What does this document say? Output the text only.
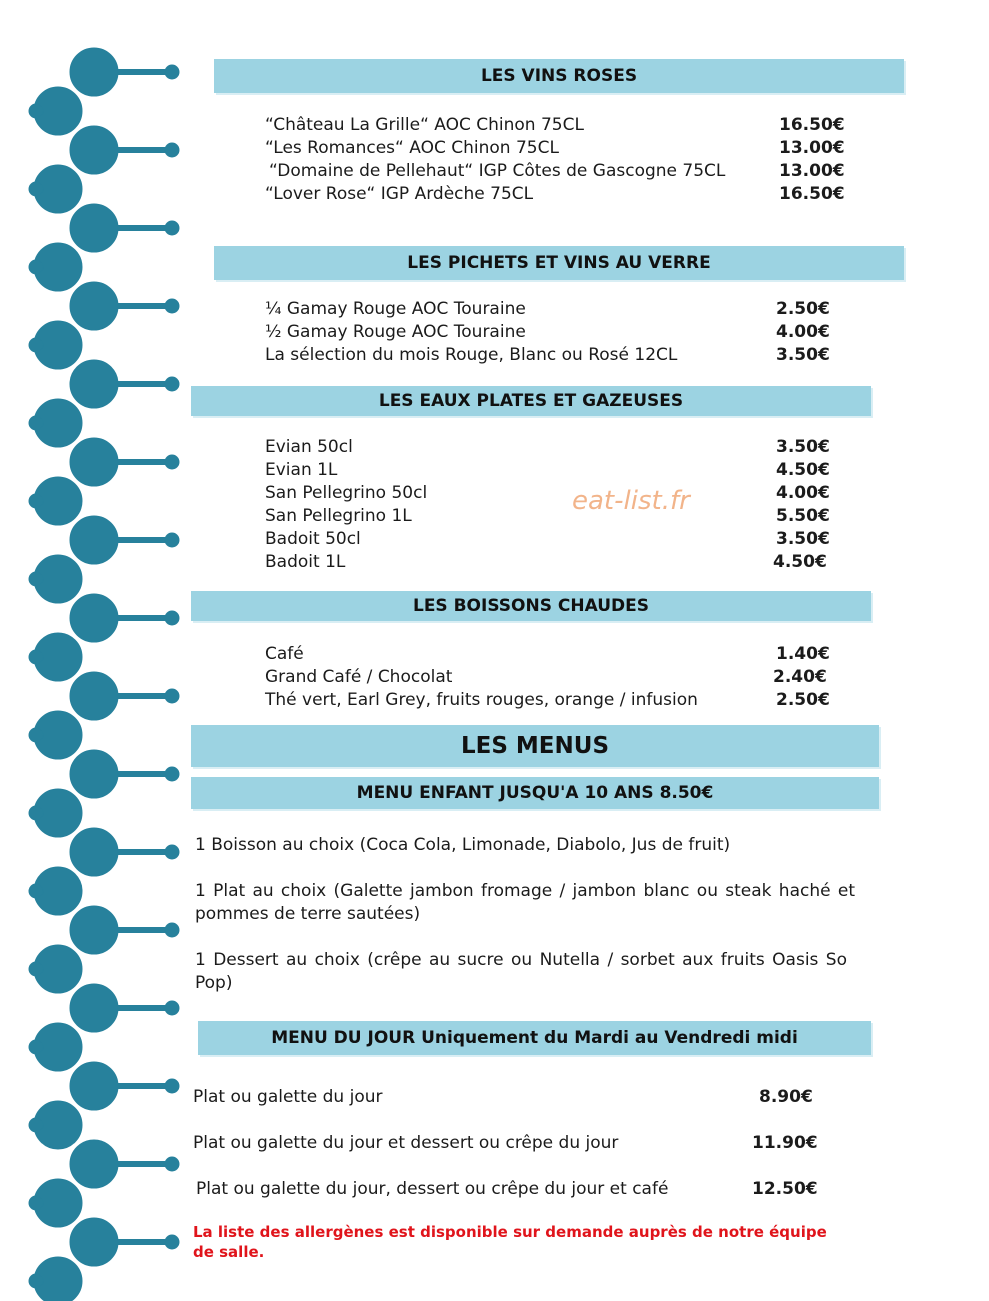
LES VINS ROSES
“Château La Grille“ AOC Chinon 75CL	16.50€
“Les Romances“ AOC Chinon 75CL	13.00€
“Domaine de Pellehaut“ IGP Côtes de Gascogne 75CL	13.00€
“Lover Rose“ IGP Ardèche 75CL	16.50€
LES PICHETS ET VINS AU VERRE
¼ Gamay Rouge AOC Touraine	2.50€
½ Gamay Rouge AOC Touraine	4.00€
La sélection du mois Rouge, Blanc ou Rosé 12CL	3.50€
LES EAUX PLATES ET GAZEUSES
Evian 50cl	3.50€
Evian 1L	4.50€
San Pellegrino 50cl	4.00€
San Pellegrino 1L	5.50€
Badoit 50cl	3.50€
Badoit 1L	4.50€
eat-list.fr
LES BOISSONS CHAUDES
Café	1.40€
Grand Café / Chocolat	2.40€
Thé vert, Earl Grey, fruits rouges, orange / infusion	2.50€
LES MENUS
MENU ENFANT JUSQU'A 10 ANS 8.50€
1 Boisson au choix (Coca Cola, Limonade, Diabolo, Jus de fruit)
1 Plat au choix (Galette jambon fromage / jambon blanc ou steak haché et pommes de terre sautées)
1 Dessert au choix (crêpe au sucre ou Nutella / sorbet aux fruits Oasis So Pop)
MENU DU JOUR Uniquement du Mardi au Vendredi midi
Plat ou galette du jour	8.90€
Plat ou galette du jour et dessert ou crêpe du jour	11.90€
Plat ou galette du jour, dessert ou crêpe du jour et café	12.50€
La liste des allergènes est disponible sur demande auprès de notre équipe de salle.
